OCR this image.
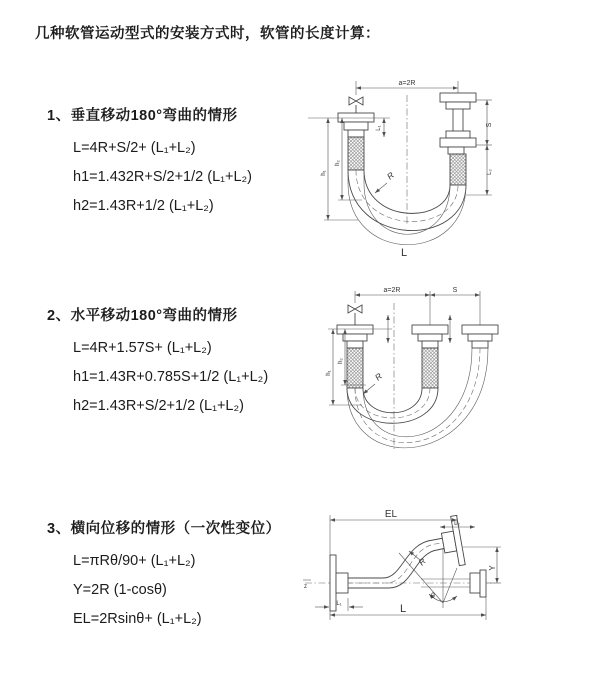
几种软管运动型式的安装方式时，软管的长度计算：
1、垂直移动180°弯曲的情形
L=4R+S/2+ (L₁+L₂)
h1=1.432R+S/2+1/2 (L₁+L₂)
h2=1.43R+1/2 (L₁+L₂)
2、水平移动180°弯曲的情形
L=4R+1.57S+ (L₁+L₂)
h1=1.43R+0.785S+1/2 (L₁+L₂)
h2=1.43R+S/2+1/2 (L₁+L₂)
3、横向位移的情形（一次性变位）
L=πRθ/90+ (L₁+L₂)
Y=2R (1-cosθ)
EL=2Rsinθ+ (L₁+L₂)
a=2R
L₁
S
L₂
h₁
h₂
R
L
a=2R	S
h₁
h₂
R
z
EL
L₂
Y
θ
R
L₁	L
